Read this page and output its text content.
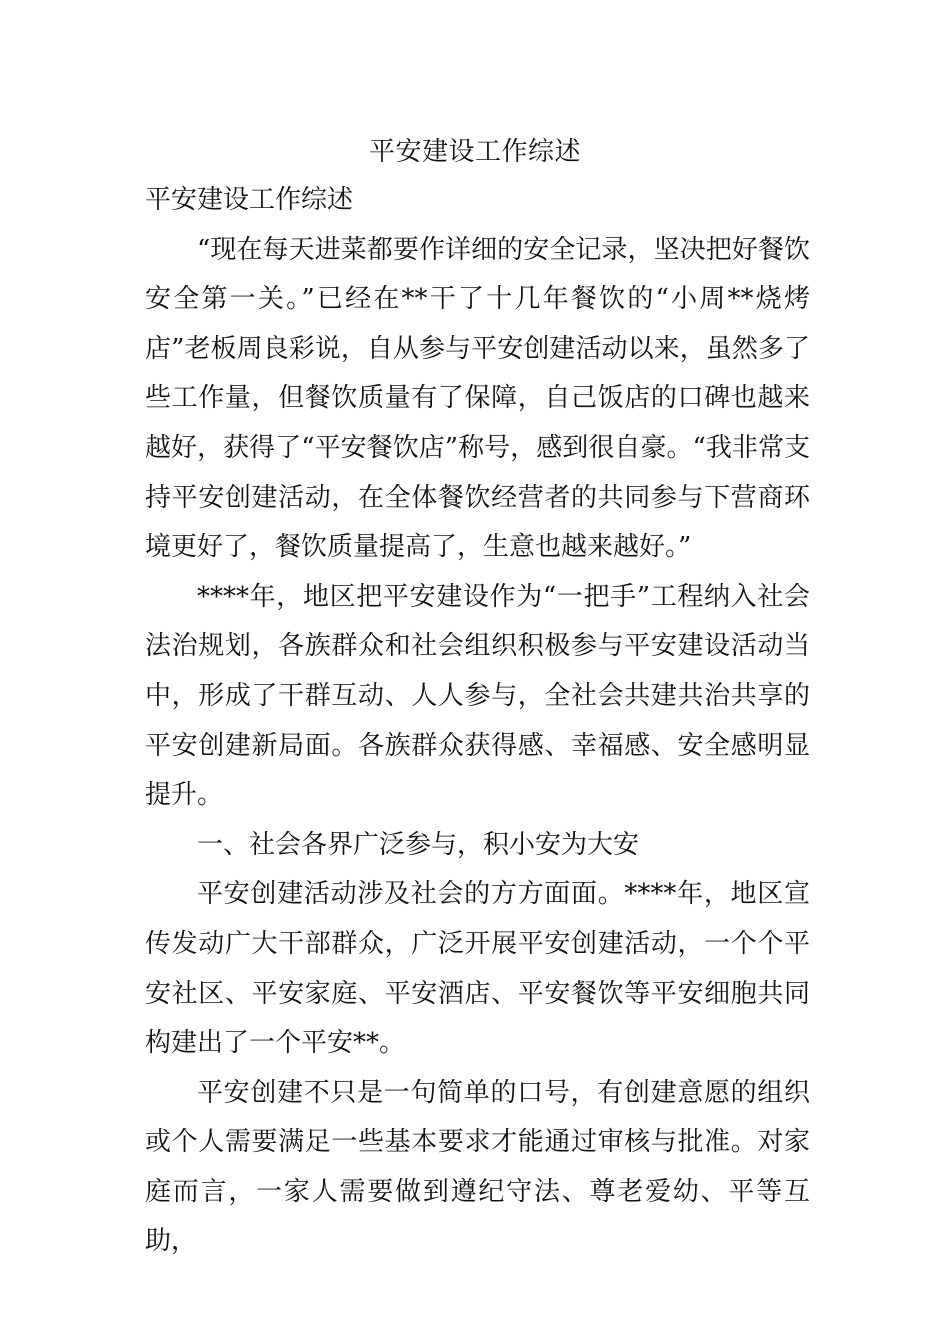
平安建设工作综述

平安建设工作综述

“现在每天进菜都要作详细的安全记录，坚决把好餐饮安全第一关。”已经在**干了十几年餐饮的“小周**烧烤店”老板周良彩说，自从参与平安创建活动以来，虽然多了些工作量，但餐饮质量有了保障，自己饭店的口碑也越来越好，获得了“平安餐饮店”称号，感到很自豪。“我非常支持平安创建活动，在全体餐饮经营者的共同参与下营商环境更好了，餐饮质量提高了，生意也越来越好。”

****年，地区把平安建设作为“一把手”工程纳入社会法治规划，各族群众和社会组织积极参与平安建设活动当中，形成了干群互动、人人参与，全社会共建共治共享的平安创建新局面。各族群众获得感、幸福感、安全感明显提升。

一、社会各界广泛参与，积小安为大安

平安创建活动涉及社会的方方面面。****年，地区宣传发动广大干部群众，广泛开展平安创建活动，一个个平安社区、平安家庭、平安酒店、平安餐饮等平安细胞共同构建出了一个平安**。

平安创建不只是一句简单的口号，有创建意愿的组织或个人需要满足一些基本要求才能通过审核与批准。对家庭而言，一家人需要做到遵纪守法、尊老爱幼、平等互助，
